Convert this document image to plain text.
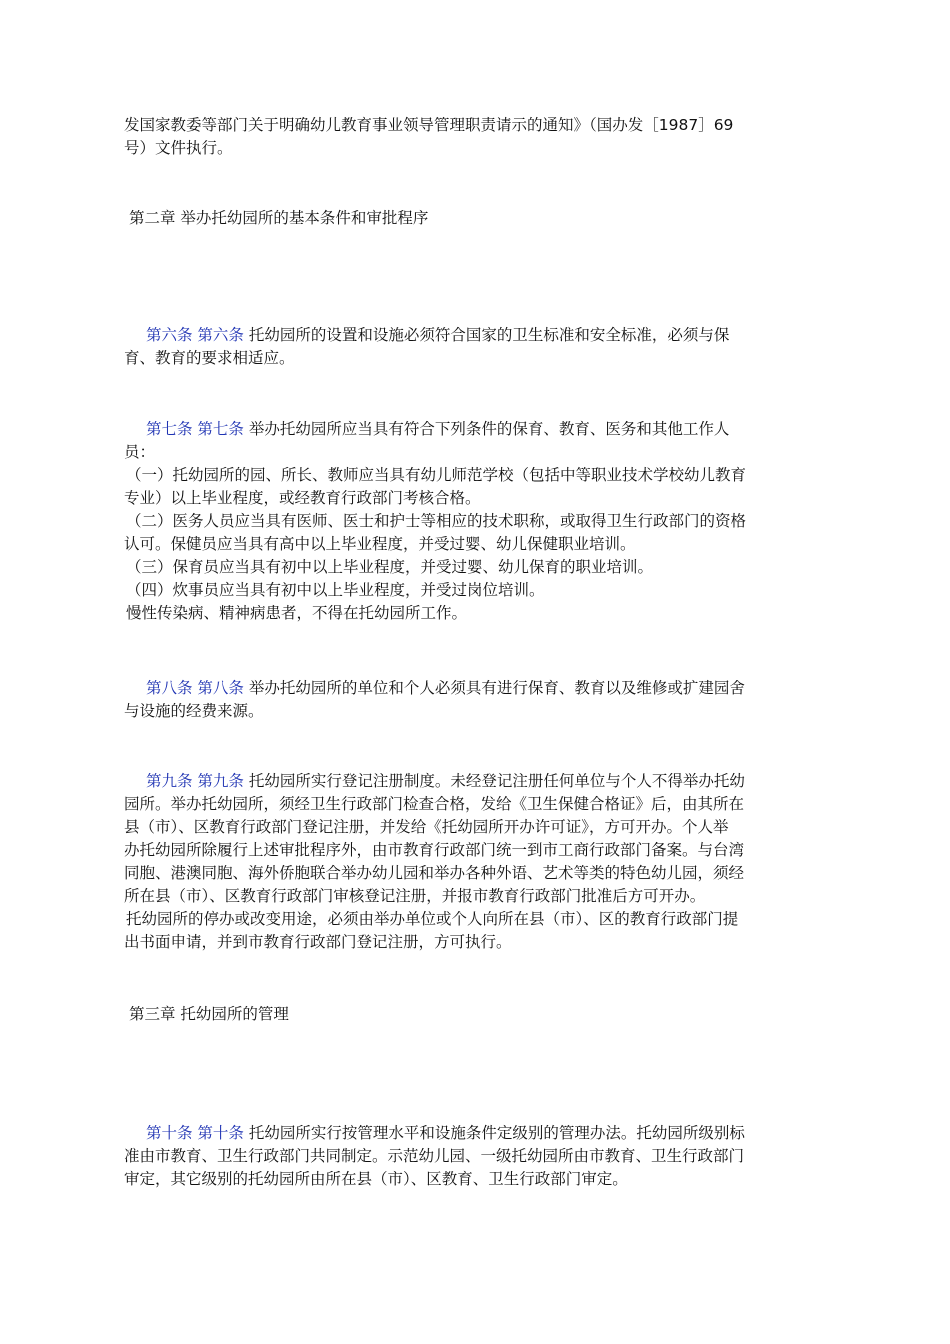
发国家教委等部门关于明确幼儿教育事业领导管理职责请示的通知》（国办发［1987］69
号）文件执行。
第二章 举办托幼园所的基本条件和审批程序
第六条 第六条 托幼园所的设置和设施必须符合国家的卫生标准和安全标准，必须与保
育、教育的要求相适应。
第七条 第七条 举办托幼园所应当具有符合下列条件的保育、教育、医务和其他工作人
员：
（一）托幼园所的园、所长、教师应当具有幼儿师范学校（包括中等职业技术学校幼儿教育
专业）以上毕业程度，或经教育行政部门考核合格。
（二）医务人员应当具有医师、医士和护士等相应的技术职称，或取得卫生行政部门的资格
认可。保健员应当具有高中以上毕业程度，并受过婴、幼儿保健职业培训。
（三）保育员应当具有初中以上毕业程度，并受过婴、幼儿保育的职业培训。
（四）炊事员应当具有初中以上毕业程度，并受过岗位培训。
慢性传染病、精神病患者，不得在托幼园所工作。
第八条 第八条 举办托幼园所的单位和个人必须具有进行保育、教育以及维修或扩建园舍
与设施的经费来源。
第九条 第九条 托幼园所实行登记注册制度。未经登记注册任何单位与个人不得举办托幼
园所。举办托幼园所，须经卫生行政部门检查合格，发给《卫生保健合格证》后，由其所在
县（市）、区教育行政部门登记注册，并发给《托幼园所开办许可证》，方可开办。个人举
办托幼园所除履行上述审批程序外，由市教育行政部门统一到市工商行政部门备案。与台湾
同胞、港澳同胞、海外侨胞联合举办幼儿园和举办各种外语、艺术等类的特色幼儿园，须经
所在县（市）、区教育行政部门审核登记注册，并报市教育行政部门批准后方可开办。
托幼园所的停办或改变用途，必须由举办单位或个人向所在县（市）、区的教育行政部门提
出书面申请，并到市教育行政部门登记注册，方可执行。
第三章 托幼园所的管理
第十条 第十条 托幼园所实行按管理水平和设施条件定级别的管理办法。托幼园所级别标
准由市教育、卫生行政部门共同制定。示范幼儿园、一级托幼园所由市教育、卫生行政部门
审定，其它级别的托幼园所由所在县（市）、区教育、卫生行政部门审定。
